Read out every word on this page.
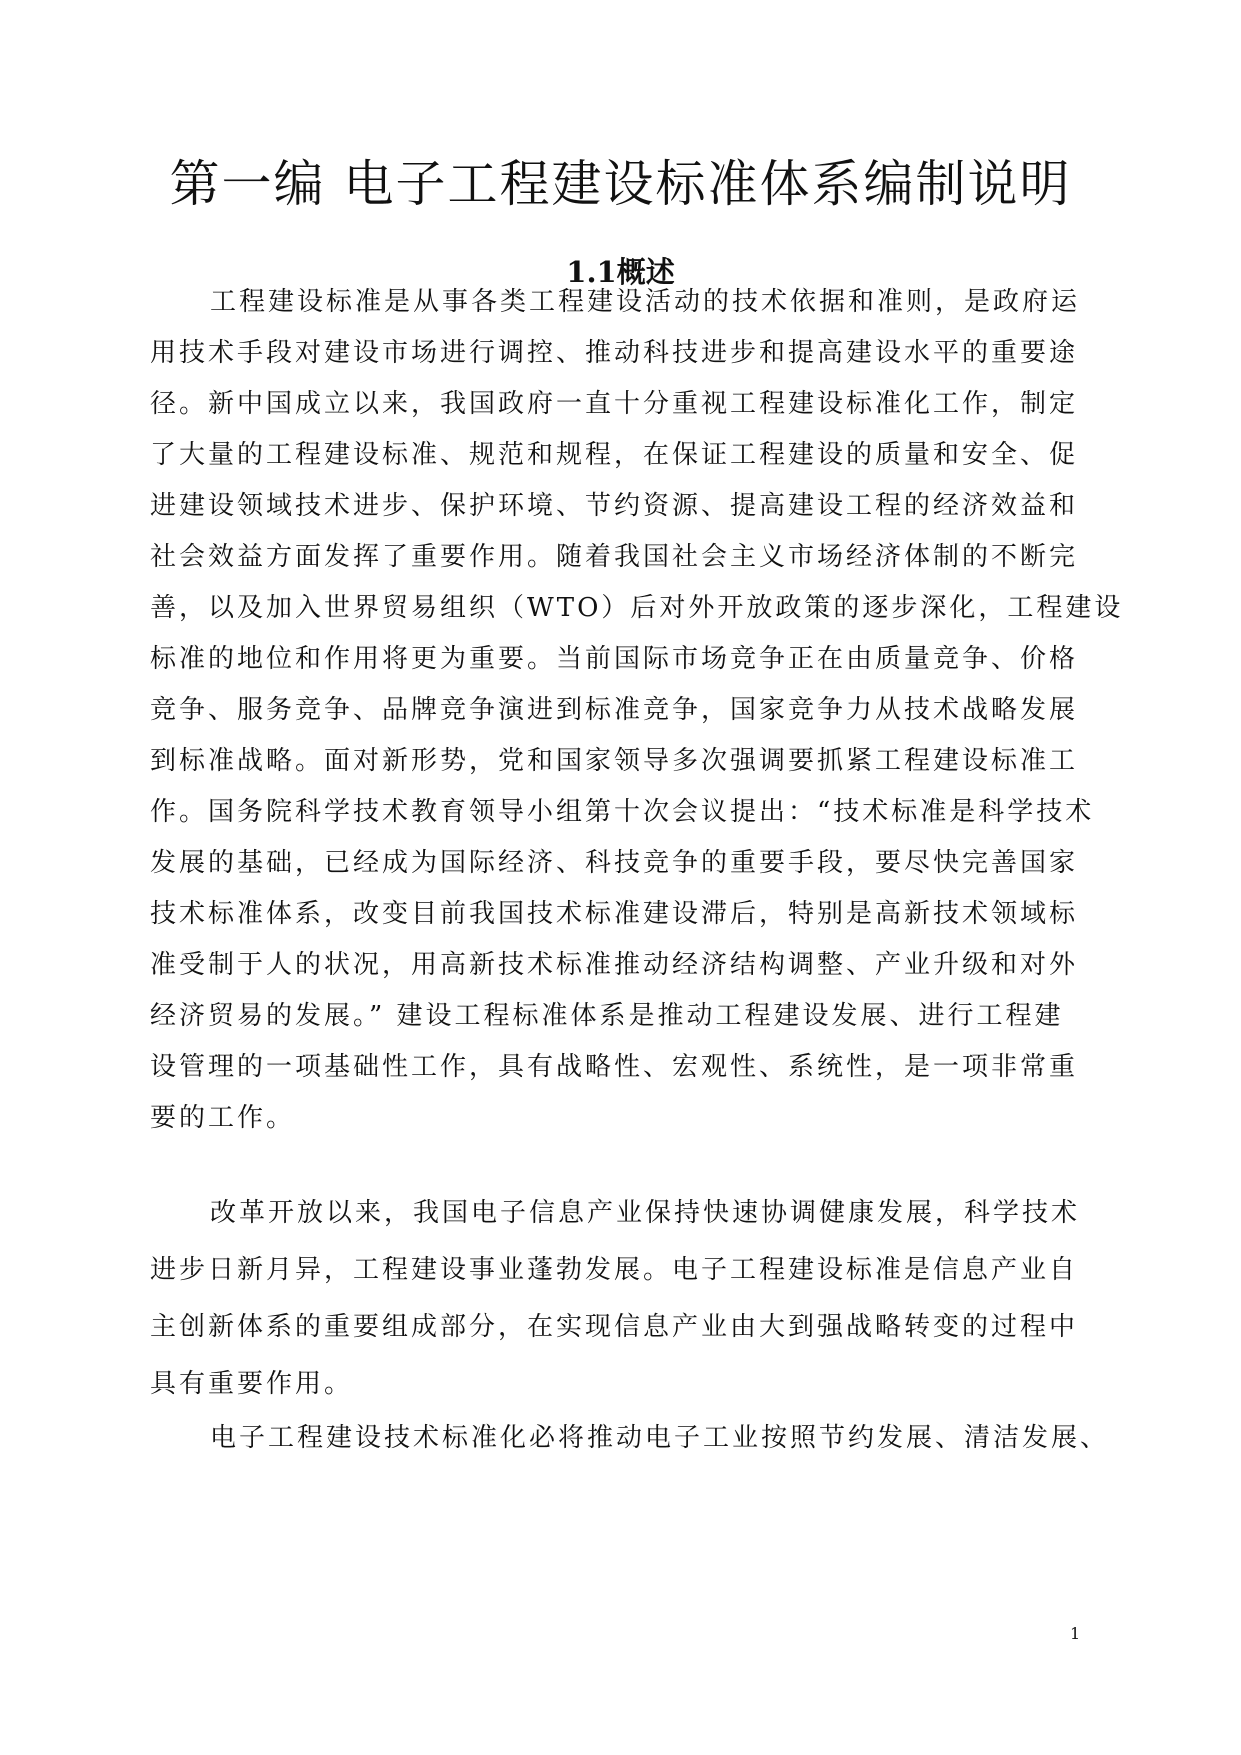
第一编 电子工程建设标准体系编制说明
1.1概述

工程建设标准是从事各类工程建设活动的技术依据和准则，是政府运

用技术手段对建设市场进行调控、推动科技进步和提高建设水平的重要途

径。新中国成立以来，我国政府一直十分重视工程建设标准化工作，制定

了大量的工程建设标准、规范和规程，在保证工程建设的质量和安全、促

进建设领域技术进步、保护环境、节约资源、提高建设工程的经济效益和

社会效益方面发挥了重要作用。随着我国社会主义市场经济体制的不断完

善，以及加入世界贸易组织（WTO）后对外开放政策的逐步深化，工程建设

标准的地位和作用将更为重要。当前国际市场竞争正在由质量竞争、价格

竞争、服务竞争、品牌竞争演进到标准竞争，国家竞争力从技术战略发展

到标准战略。面对新形势，党和国家领导多次强调要抓紧工程建设标准工

作。国务院科学技术教育领导小组第十次会议提出：“技术标准是科学技术

发展的基础，已经成为国际经济、科技竞争的重要手段，要尽快完善国家

技术标准体系，改变目前我国技术标准建设滞后，特别是高新技术领域标

准受制于人的状况，用高新技术标准推动经济结构调整、产业升级和对外

经济贸易的发展。” 建设工程标准体系是推动工程建设发展、进行工程建

设管理的一项基础性工作，具有战略性、宏观性、系统性，是一项非常重

要的工作。

改革开放以来，我国电子信息产业保持快速协调健康发展，科学技术

进步日新月异，工程建设事业蓬勃发展。电子工程建设标准是信息产业自

主创新体系的重要组成部分，在实现信息产业由大到强战略转变的过程中

具有重要作用。

电子工程建设技术标准化必将推动电子工业按照节约发展、清洁发展、

1
